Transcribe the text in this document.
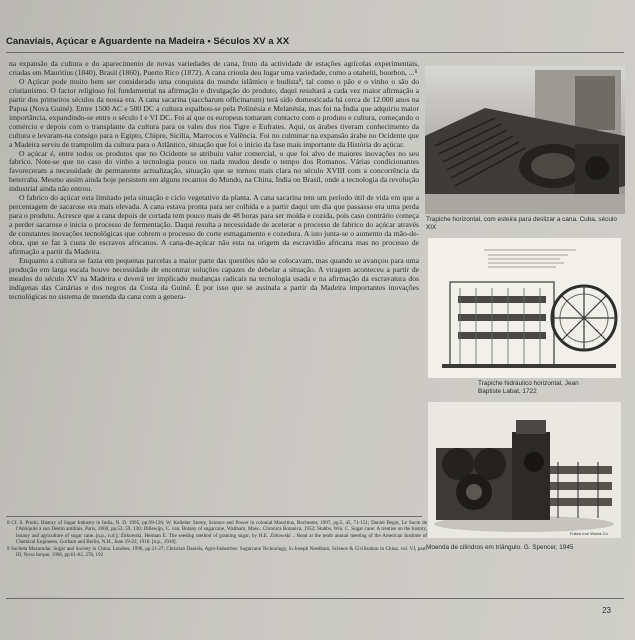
Canaviais, Açúcar e Aguardente na Madeira • Séculos XV a XX

na expansão da cultura e do aparecimento de novas variedades de cana, fruto da actividade de estações agrícolas experimentais, criadas em Mauritius (1840), Brasil (1860), Puerto Rico (1872). A cana crioula deu lugar uma variedade, como a otaheiti, bourbon, ...⁸

O Açúcar pode muito bem ser considerado uma conquista do mundo islâmico e budista⁹, tal como o pão e o vinho o são do cristianismo. O factor religioso foi fundamental na afirmação e divulgação do produto, daqui resultará a cada vez maior afirmação a partir dos primeiros séculos da nossa era. A cana sacarina (saccharum officinarum) terá sido domesticada há cerca de 12.000 anos na Papua (Nova Guiné). Entre 1500 AC e 500 DC a cultura espalhou-se pela Polinésia e Melanésia, mas foi na Índia que adquiriu maior importância, expandindo-se entre o século I e VI DC. Foi aí que os europeus tomaram contacto com o produto e cultura, começando o comércio e depois com o transplante da cultura para os vales dos rios Tigre e Eufrates. Aqui, os árabes tiveram conhecimento da cultura e levaram-na consigo para o Egipto, Chipre, Sicília, Marrocos e Valência. Foi no culminar na expansão árabe no Ocidente que a Madeira serviu de trampolim da cultura para o Atlântico, situação que foi o início da fase mais importante da História do açúcar.

O açúcar é, entre todos os produtos que no Ocidente se atribuiu valor comercial, o que foi alvo de maiores inovações no seu fabrico. Note-se que no caso do vinho a tecnologia pouco ou nada mudou desde o tempo dos Romanos. Várias condicionantes favoreceram a necessidade de permanente actualização, situação que se tornou mais clara no século XVIII com a concorrência da beterraba. Mesmo assim ainda hoje persistem em alguns recantos do Mundo, na China, Índia ou Brasil, onde a tecnologia da revolução industrial ainda não entrou.

O fabrico do açúcar esta limitado pela situação e ciclo vegetativo da planta. A cana sacarina tem um período útil de vida em que a percentagem de sacarose era mais elevada. A cana estava pronta para ser colhida e a partir daqui um dia que passasse era uma perda para o produto. Acresce que a cana depois de cortada tem pouco mais de 48 horas para ser moída e cozida, pois caso contrário começa a perder sacarose e inicia o processo de fermentação. Daqui resulta a necessidade de acelerar o processo de fabrico do açúcar através de constantes inovações tecnológicas que cobrem o processo de corte esmagamento e cozedura. A isto junta-se o aumento da mão-de-obra, que se faz à custa de escravos africanos. A cana-de-açúcar não esta na origem da escravidão africana mas no processo de afirmação a partir da Madeira.

Enquanto a cultura se fazia em pequenas parcelas a maior parte das questões não se colocavam, mas quando se avançou para uma produção em larga escala houve necessidade de encontrar soluções capazes de debelar a situação. A viragem aconteceu a partir de meados do século XV na Madeira e deverá ter implicado mudanças radicais na tecnologia usada e na afirmação da escravatura dos indígenas das Canárias e dos negros da Costa da Guiné. É por isso que se assinala a partir da Madeira importantes inovações tecnológicas no sistema de moenda da cana com a genera-

Trapiche horizontal, com esteira para deslizar a cana. Cuba, século XIX
Trapiche hidráulico horizontal, Jean Baptiste Labat, 1722
Fulton Iron Works Co
Moenda de cilindros em triângulo. G. Spencer, 1945

8 Cf. S. Pruthi, History of Sugar Industry in India, N. D. 1995, pp.99-126; W. Kelleher Storey, Science and Power in colonial Mauritius, Rochester, 1997, pp.5, 45, 71-151; Daniel Begot, Le Sucre de l'Antiquité à son Destin antillais, Paris, 2000, pp.53, 59, 130; Dillewijn, C. van. Botany of sugarcane, Waltham, Mass.: Chronica Botanica, 1952; Stubbs, Wm. C. Sugar cane: A treatise on the history, botany and agriculture of sugar cane..[n.p., n.d.]; Zitkowski, Herman E. The seeding method of graining sugar, by H.E. Zitkowski .. Read at the tenth annual meeting of the American Institute of Chemical Engineers, Gorham and Berlin, N.H., June 19-22, 1918. [n.p., 1918].

9 Sucheta Mazumdar, Sugar and Society in China, Londres, 1998, pp.21-27; Christian Daniels, Agro-Industries: Sugarcane Technology, in Joseph Needham, Science & Civilisation in China, vol. VI, part. III, Nova Iorque, 1996, pp.61-62, 278, 192

23
